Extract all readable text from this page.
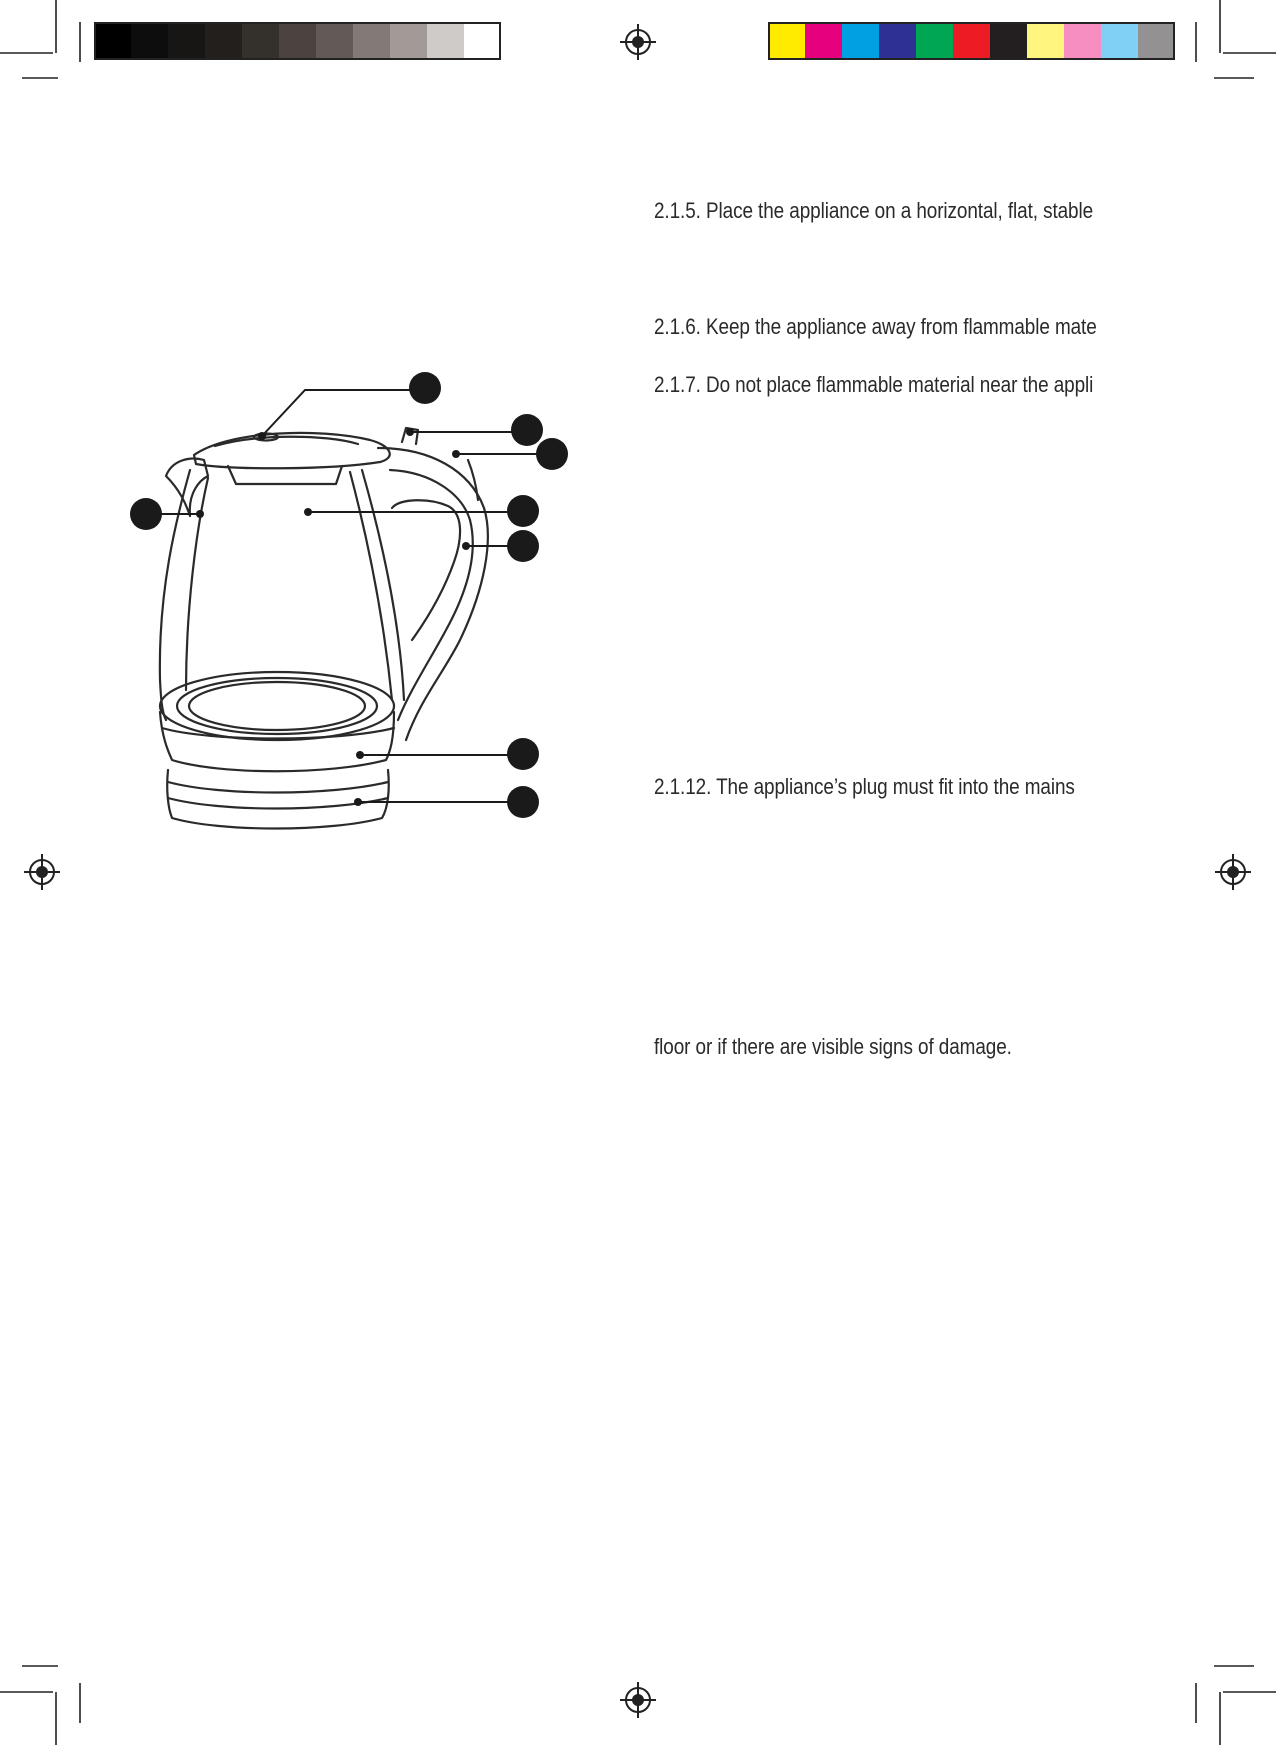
2.1.5. Place the appliance on a horizontal, flat, stable
2.1.6. Keep the appliance away from flammable mate
2.1.7. Do not place flammable material near the appli
2.1.12. The appliance’s plug must fit into the mains
floor or if there are visible signs of damage.
